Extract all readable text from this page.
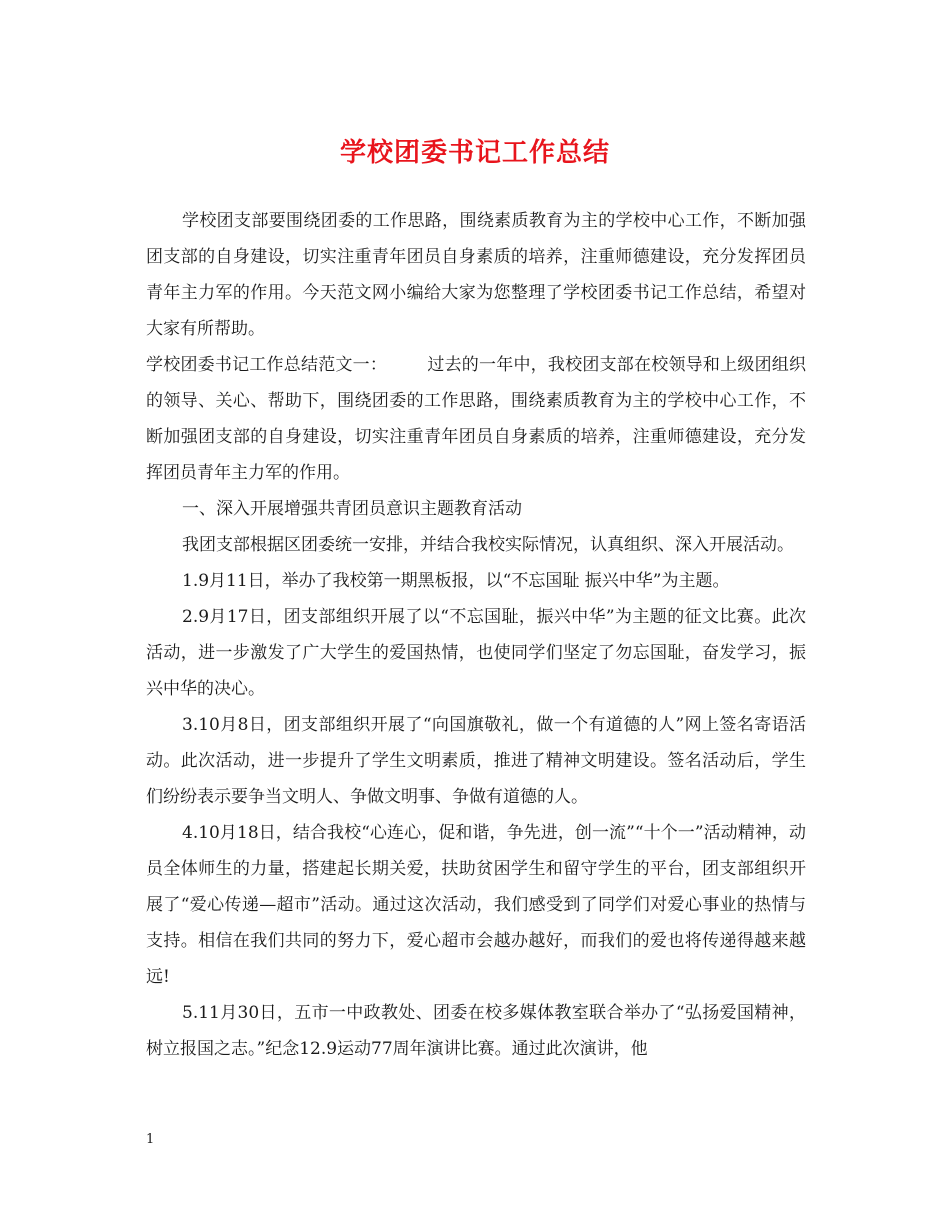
学校团委书记工作总结

学校团支部要围绕团委的工作思路，围绕素质教育为主的学校中心工作，不断加强团支部的自身建设，切实注重青年团员自身素质的培养，注重师德建设，充分发挥团员青年主力军的作用。今天范文网小编给大家为您整理了学校团委书记工作总结，希望对大家有所帮助。

学校团委书记工作总结范文一： 过去的一年中，我校团支部在校领导和上级团组织的领导、关心、帮助下，围绕团委的工作思路，围绕素质教育为主的学校中心工作，不断加强团支部的自身建设，切实注重青年团员自身素质的培养，注重师德建设，充分发挥团员青年主力军的作用。

一、深入开展增强共青团员意识主题教育活动

我团支部根据区团委统一安排，并结合我校实际情况，认真组织、深入开展活动。

1.9月11日，举办了我校第一期黑板报，以“不忘国耻 振兴中华”为主题。

2.9月17日，团支部组织开展了以“不忘国耻，振兴中华”为主题的征文比赛。此次活动，进一步激发了广大学生的爱国热情，也使同学们坚定了勿忘国耻，奋发学习，振兴中华的决心。

3.10月8日，团支部组织开展了“向国旗敬礼，做一个有道德的人”网上签名寄语活动。此次活动，进一步提升了学生文明素质，推进了精神文明建设。签名活动后，学生们纷纷表示要争当文明人、争做文明事、争做有道德的人。

4.10月18日，结合我校“心连心，促和谐，争先进，创一流”“十个一”活动精神，动员全体师生的力量，搭建起长期关爱，扶助贫困学生和留守学生的平台，团支部组织开展了“爱心传递—超市”活动。通过这次活动，我们感受到了同学们对爱心事业的热情与支持。相信在我们共同的努力下，爱心超市会越办越好，而我们的爱也将传递得越来越远!

5.11月30日，五市一中政教处、团委在校多媒体教室联合举办了“弘扬爱国精神，树立报国之志。”纪念12.9运动77周年演讲比赛。通过此次演讲，他

1
